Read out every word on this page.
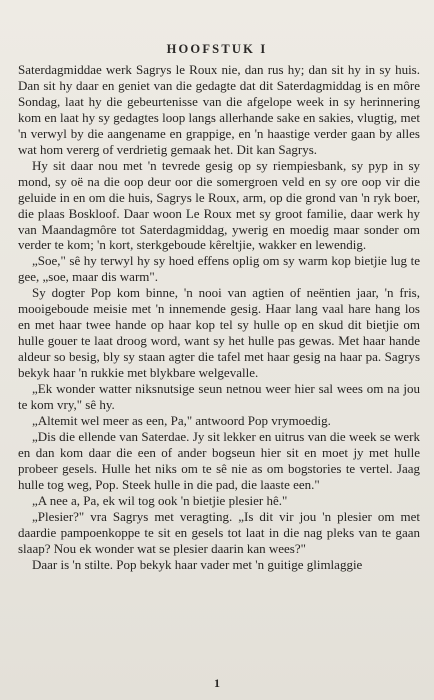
HOOFSTUK I

Saterdagmiddae werk Sagrys le Roux nie, dan rus hy; dan sit hy in sy huis. Dan sit hy daar en geniet van die gedagte dat dit Saterdagmiddag is en môre Sondag, laat hy die gebeurtenisse van die afgelope week in sy herinnering kom en laat hy sy gedagtes loop langs allerhande sake en sakies, vlugtig, met 'n verwyl by die aangename en grappige, en 'n haastige verder gaan by alles wat hom vererg of verdrietig gemaak het. Dit kan Sagrys.

Hy sit daar nou met 'n tevrede gesig op sy riempiesbank, sy pyp in sy mond, sy oë na die oop deur oor die somergroen veld en sy ore oop vir die geluide in en om die huis, Sagrys le Roux, arm, op die grond van 'n ryk boer, die plaas Boskloof. Daar woon Le Roux met sy groot familie, daar werk hy van Maandagmôre tot Saterdagmiddag, ywerig en moedig maar sonder om verder te kom; 'n kort, sterkgeboude kêreltjie, wakker en lewendig.

„Soe," sê hy terwyl hy sy hoed effens oplig om sy warm kop bietjie lug te gee, „soe, maar dis warm".

Sy dogter Pop kom binne, 'n nooi van agtien of neëntien jaar, 'n fris, mooigeboude meisie met 'n innemende gesig. Haar lang vaal hare hang los en met haar twee hande op haar kop tel sy hulle op en skud dit bietjie om hulle gouer te laat droog word, want sy het hulle pas gewas. Met haar hande aldeur so besig, bly sy staan agter die tafel met haar gesig na haar pa. Sagrys bekyk haar 'n rukkie met blykbare welgevalle.

„Ek wonder watter niksnutsige seun netnou weer hier sal wees om na jou te kom vry," sê hy.

„Altemit wel meer as een, Pa," antwoord Pop vrymoedig.

„Dis die ellende van Saterdae. Jy sit lekker en uitrus van die week se werk en dan kom daar die een of ander bogseun hier sit en moet jy met hulle probeer gesels. Hulle het niks om te sê nie as om bogstories te vertel. Jaag hulle tog weg, Pop. Steek hulle in die pad, die laaste een."

„A nee a, Pa, ek wil tog ook 'n bietjie plesier hê."

„Plesier?" vra Sagrys met veragting. „Is dit vir jou 'n plesier om met daardie pampoenkoppe te sit en gesels tot laat in die nag pleks van te gaan slaap? Nou ek wonder wat se plesier daarin kan wees?"

Daar is 'n stilte. Pop bekyk haar vader met 'n guitige glimlaggie

1
